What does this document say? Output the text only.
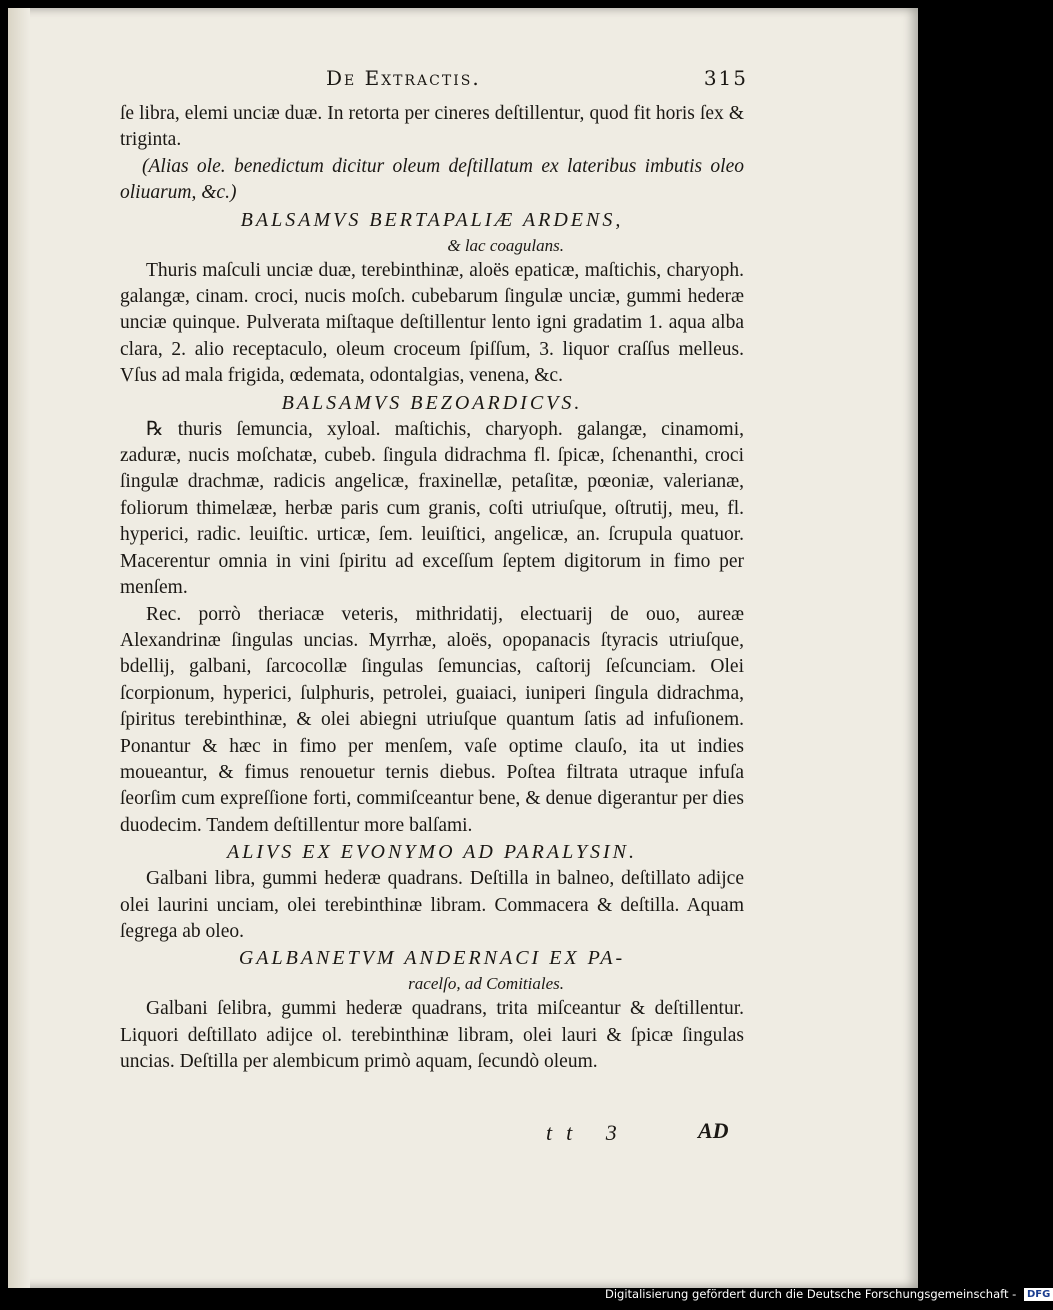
De Extractis.	315

ſe libra, elemi unciæ duæ. In retorta per cineres deſtillentur, quod fit horis ſex & triginta.

(Alias ole. benedictum dicitur oleum deſtillatum ex lateribus imbutis oleo oliuarum, &c.)

BALSAMVS BERTAPALIÆ ARDENS,
& lac coagulans.

Thuris maſculi unciæ duæ, terebinthinæ, aloës epaticæ, maſtichis, charyoph. galangæ, cinam. croci, nucis moſch. cubebarum ſingulæ unciæ, gummi hederæ unciæ quinque. Pulverata miſtaque deſtillentur lento igni gradatim 1. aqua alba clara, 2. alio receptaculo, oleum croceum ſpiſſum, 3. liquor craſſus melleus. Vſus ad mala frigida, œdemata, odontalgias, venena, &c.

BALSAMVS BEZOARDICVS.

℞ thuris ſemuncia, xyloal. maſtichis, charyoph. galangæ, cinamomi, zaduræ, nucis moſchatæ, cubeb. ſingula didrachma fl. ſpicæ, ſchenanthi, croci ſingulæ drachmæ, radicis angelicæ, fraxinellæ, petaſitæ, pœoniæ, valerianæ, foliorum thimelææ, herbæ paris cum granis, coſti utriuſque, oſtrutij, meu, fl. hyperici, radic. leuiſtic. urticæ, ſem. leuiſtici, angelicæ, an. ſcrupula quatuor. Macerentur omnia in vini ſpiritu ad exceſſum ſeptem digitorum in fimo per menſem.

Rec. porrò theriacæ veteris, mithridatij, electuarij de ouo, aureæ Alexandrinæ ſingulas uncias. Myrrhæ, aloës, opopanacis ſtyracis utriuſque, bdellij, galbani, ſarcocollæ ſingulas ſemuncias, caſtorij ſeſcunciam. Olei ſcorpionum, hyperici, ſulphuris, petrolei, guaiaci, iuniperi ſingula didrachma, ſpiritus terebinthinæ, & olei abiegni utriuſque quantum ſatis ad infuſionem. Ponantur & hæc in fimo per menſem, vaſe optime clauſo, ita ut indies moueantur, & fimus renouetur ternis diebus. Poſtea filtrata utraque infuſa ſeorſim cum expreſſione forti, commiſceantur bene, & denue digerantur per dies duodecim. Tandem deſtillentur more balſami.

ALIVS EX EVONYMO AD PARALYSIN.

Galbani libra, gummi hederæ quadrans. Deſtilla in balneo, deſtillato adijce olei laurini unciam, olei terebinthinæ libram. Commacera & deſtilla. Aquam ſegrega ab oleo.

GALBANETVM ANDERNACI EX PA-
racelſo, ad Comitiales.

Galbani ſelibra, gummi hederæ quadrans, trita miſceantur & deſtillentur. Liquori deſtillato adijce ol. terebinthinæ libram, olei lauri & ſpicæ ſingulas uncias. Deſtilla per alembicum primò aquam, ſecundò oleum.

tt 3	AD
Digitalisierung gefördert durch die Deutsche Forschungsgemeinschaft - DFG
